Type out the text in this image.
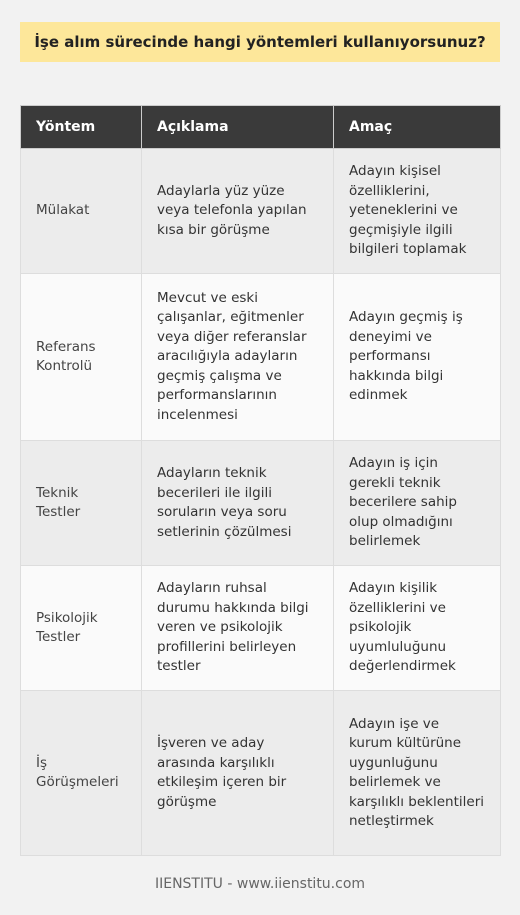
İşe alım sürecinde hangi yöntemleri kullanıyorsunuz?
Yöntem	Açıklama	Amaç
Mülakat	Adaylarla yüz yüze veya telefonla yapılan kısa bir görüşme	Adayın kişisel özelliklerini, yeteneklerini ve geçmişiyle ilgili bilgileri toplamak
Referans Kontrolü	Mevcut ve eski çalışanlar, eğitmenler veya diğer referanslar aracılığıyla adayların geçmiş çalışma ve performanslarının incelenmesi	Adayın geçmiş iş deneyimi ve performansı hakkında bilgi edinmek
Teknik Testler	Adayların teknik becerileri ile ilgili soruların veya soru setlerinin çözülmesi	Adayın iş için gerekli teknik becerilere sahip olup olmadığını belirlemek
Psikolojik Testler	Adayların ruhsal durumu hakkında bilgi veren ve psikolojik profillerini belirleyen testler	Adayın kişilik özelliklerini ve psikolojik uyumluluğunu değerlendirmek
İş Görüşmeleri	İşveren ve aday arasında karşılıklı etkileşim içeren bir görüşme	Adayın işe ve kurum kültürüne uygunluğunu belirlemek ve karşılıklı beklentileri netleştirmek
IIENSTITU - www.iienstitu.com
